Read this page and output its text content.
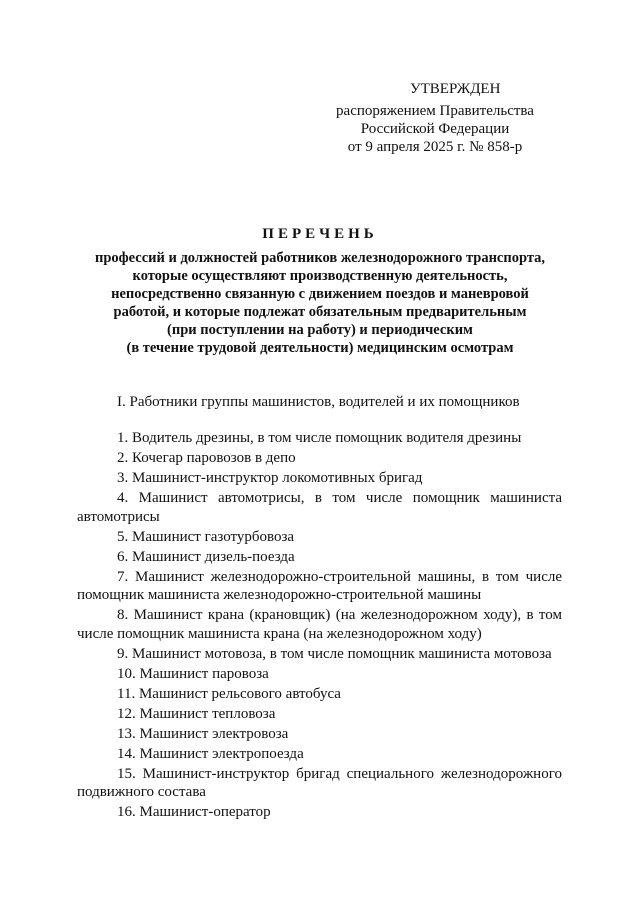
УТВЕРЖДЕН
распоряжением Правительства
Российской Федерации
от 9 апреля 2025 г. № 858-р
ПЕРЕЧЕНЬ
профессий и должностей работников железнодорожного транспорта,
которые осуществляют производственную деятельность,
непосредственно связанную с движением поездов и маневровой
работой, и которые подлежат обязательным предварительным
(при поступлении на работу) и периодическим
(в течение трудовой деятельности) медицинским осмотрам
I. Работники группы машинистов, водителей и их помощников

1. Водитель дрезины, в том числе помощник водителя дрезины

2. Кочегар паровозов в депо

3. Машинист-инструктор локомотивных бригад

4. Машинист автомотрисы, в том числе помощник машиниста автомотрисы

5. Машинист газотурбовоза

6. Машинист дизель-поезда

7. Машинист железнодорожно-строительной машины, в том числе помощник машиниста железнодорожно-строительной машины

8. Машинист крана (крановщик) (на железнодорожном ходу), в том числе помощник машиниста крана (на железнодорожном ходу)

9. Машинист мотовоза, в том числе помощник машиниста мотовоза

10. Машинист паровоза

11. Машинист рельсового автобуса

12. Машинист тепловоза

13. Машинист электровоза

14. Машинист электропоезда

15. Машинист-инструктор бригад специального железнодорожного подвижного состава

16. Машинист-оператор
